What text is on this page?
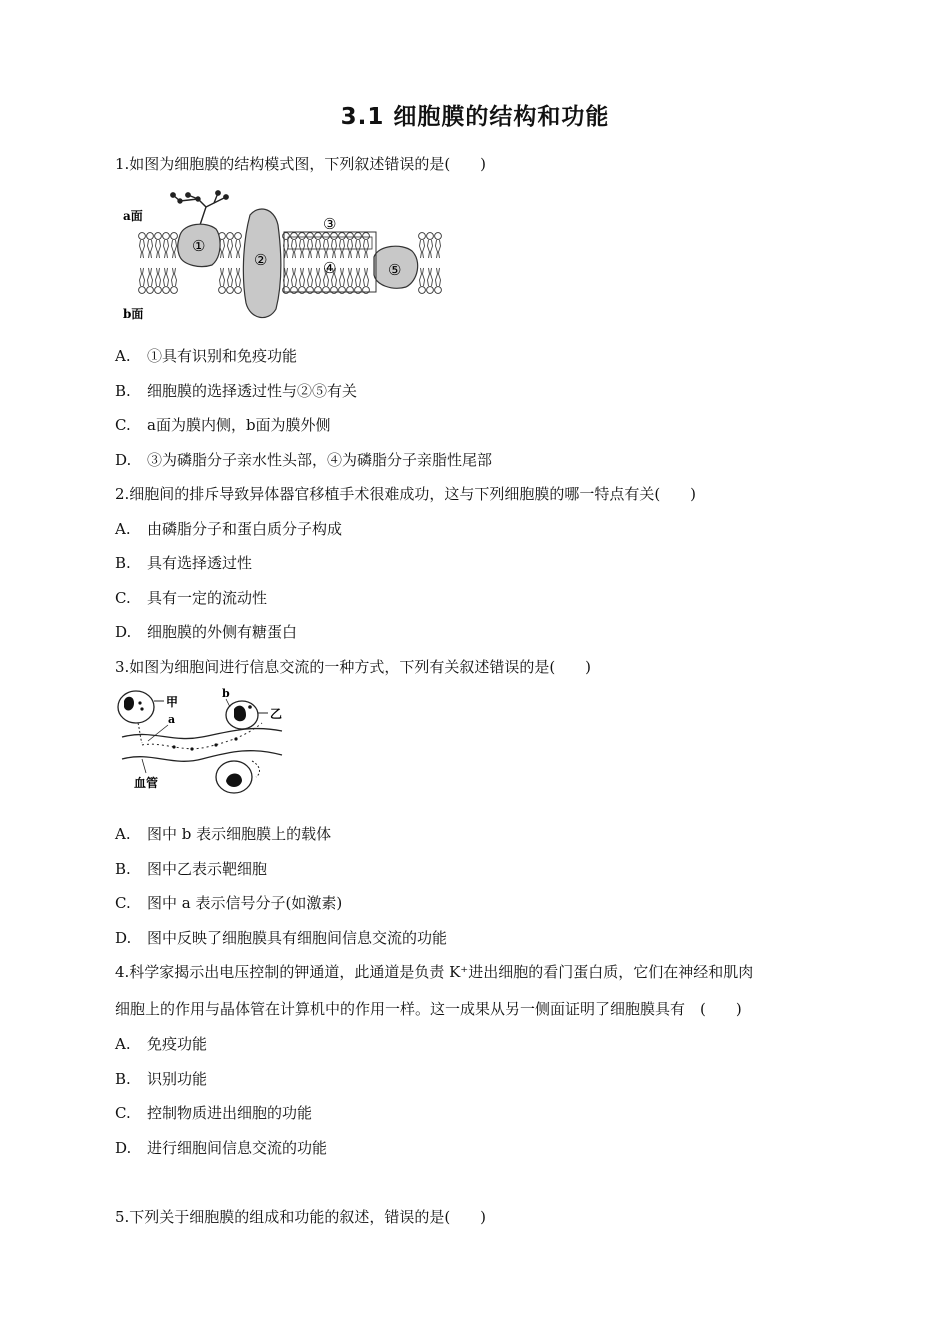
3.1 细胞膜的结构和功能
1.如图为细胞膜的结构模式图，下列叙述错误的是(　　)
a面
b面
①
②
③
④	⑤
A. ①具有识别和免疫功能
B. 细胞膜的选择透过性与②⑤有关
C. a面为膜内侧，b面为膜外侧
D. ③为磷脂分子亲水性头部，④为磷脂分子亲脂性尾部
2.细胞间的排斥导致异体器官移植手术很难成功，这与下列细胞膜的哪一特点有关(　　)
A. 由磷脂分子和蛋白质分子构成
B. 具有选择透过性
C. 具有一定的流动性
D. 细胞膜的外侧有糖蛋白
3.如图为细胞间进行信息交流的一种方式，下列有关叙述错误的是(　　)
甲
a	乙
b
血管
A. 图中 b 表示细胞膜上的载体
B. 图中乙表示靶细胞
C. 图中 a 表示信号分子(如激素)
D. 图中反映了细胞膜具有细胞间信息交流的功能
4.科学家揭示出电压控制的钾通道，此通道是负责 K⁺进出细胞的看门蛋白质，它们在神经和肌肉
细胞上的作用与晶体管在计算机中的作用一样。这一成果从另一侧面证明了细胞膜具有　(　　)
A. 免疫功能
B. 识别功能
C. 控制物质进出细胞的功能
D. 进行细胞间信息交流的功能
5.下列关于细胞膜的组成和功能的叙述，错误的是(　　)
